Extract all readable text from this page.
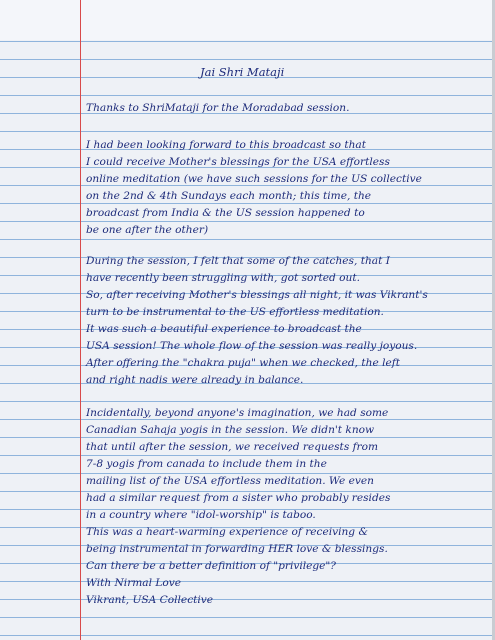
Jai Shri Mataji

Thanks to ShriMataji for the Moradabad session.

I had been looking forward to this broadcast so that

I could receive Mother's blessings for the USA effortless

online meditation (we have such sessions for the US collective

on the 2nd & 4th Sundays each month; this time, the

broadcast from India & the US session happened to

be one after the other)

During the session, I felt that some of the catches, that I

have recently been struggling with, got sorted out.

So, after receiving Mother's blessings all night, it was Vikrant's

turn to be instrumental to the US effortless meditation.

It was such a beautiful experience to broadcast the

USA session! The whole flow of the session was really joyous.

After offering the "chakra puja" when we checked, the left

and right nadis were already in balance.

Incidentally, beyond anyone's imagination, we had some

Canadian Sahaja yogis in the session. We didn't know

that until after the session, we received requests from

7-8 yogis from canada to include them in the

mailing list of the USA effortless meditation. We even

had a similar request from a sister who probably resides

in a country where "idol-worship" is taboo.

This was a heart-warming experience of receiving &

being instrumental in forwarding HER love & blessings.

Can there be a better definition of "privilege"?

With Nirmal Love

Vikrant, USA Collective
